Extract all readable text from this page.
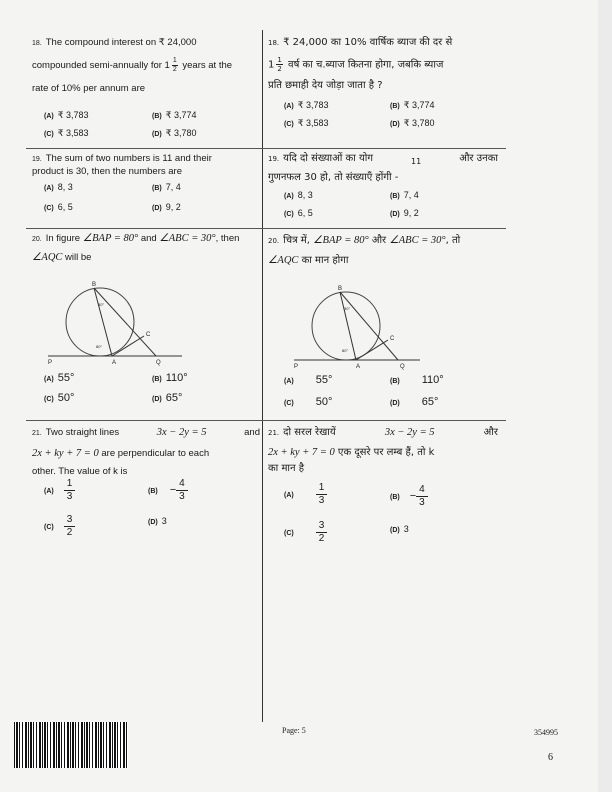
18. The compound interest on ₹ 24,000
compounded semi-annually for $1 \frac{1}{2}$ years at the
rate of 10% per annum are
(A) ₹ 3,783	(B) ₹ 3,774
(C) ₹ 3,583	(D) ₹ 3,780
18. ₹ 24,000 का 10% वार्षिक ब्याज की दर से
$1 \frac{1}{2}$ वर्ष का च.ब्याज कितना होगा, जबकि ब्याज
प्रति छमाही देय जोड़ा जाता है ?
(A) ₹ 3,783	(B) ₹ 3,774
(C) ₹ 3,583	(D) ₹ 3,780
19. The sum of two numbers is 11 and their
product is 30, then the numbers are
(A) 8, 3	(B) 7, 4
(C) 6, 5	(D) 9, 2
19. यदि दो संख्याओं का योग	11	और उनका
गुणनफल 30 हो, तो संख्याएँ होंगी -
(A) 8, 3	(B) 7, 4
(C) 6, 5	(D) 9, 2
20. In figure ∠BAP = 80° and ∠ABC = 30°, then
∠AQC will be
B
A
C
P	Q
80°
30°
(A) 55°	(B) 110°
(C) 50°	(D) 65°
20. चित्र में, ∠BAP = 80° और ∠ABC = 30°, तो
∠AQC का मान होगा
B
A
C
P	Q
80°
30°
(A) 55°	(B) 110°
(C) 50°	(D) 65°
21. Two straight lines	3x − 2y = 5	and
2x + ky + 7 = 0 are perpendicular to each
other. The value of k is
$(A) \frac{1}{3}$	$(B) - \frac{4}{3}$
$(C) \frac{3}{2}$	(D) 3
21. दो सरल रेखायें	3x − 2y = 5	और
2x + ky + 7 = 0 एक दूसरे पर लम्ब हैं, तो k
का मान है
$(A) \frac{1}{3}$	$(B) - \frac{4}{3}$
$(C) \frac{3}{2}$	(D) 3
Page: 5	354995
6
